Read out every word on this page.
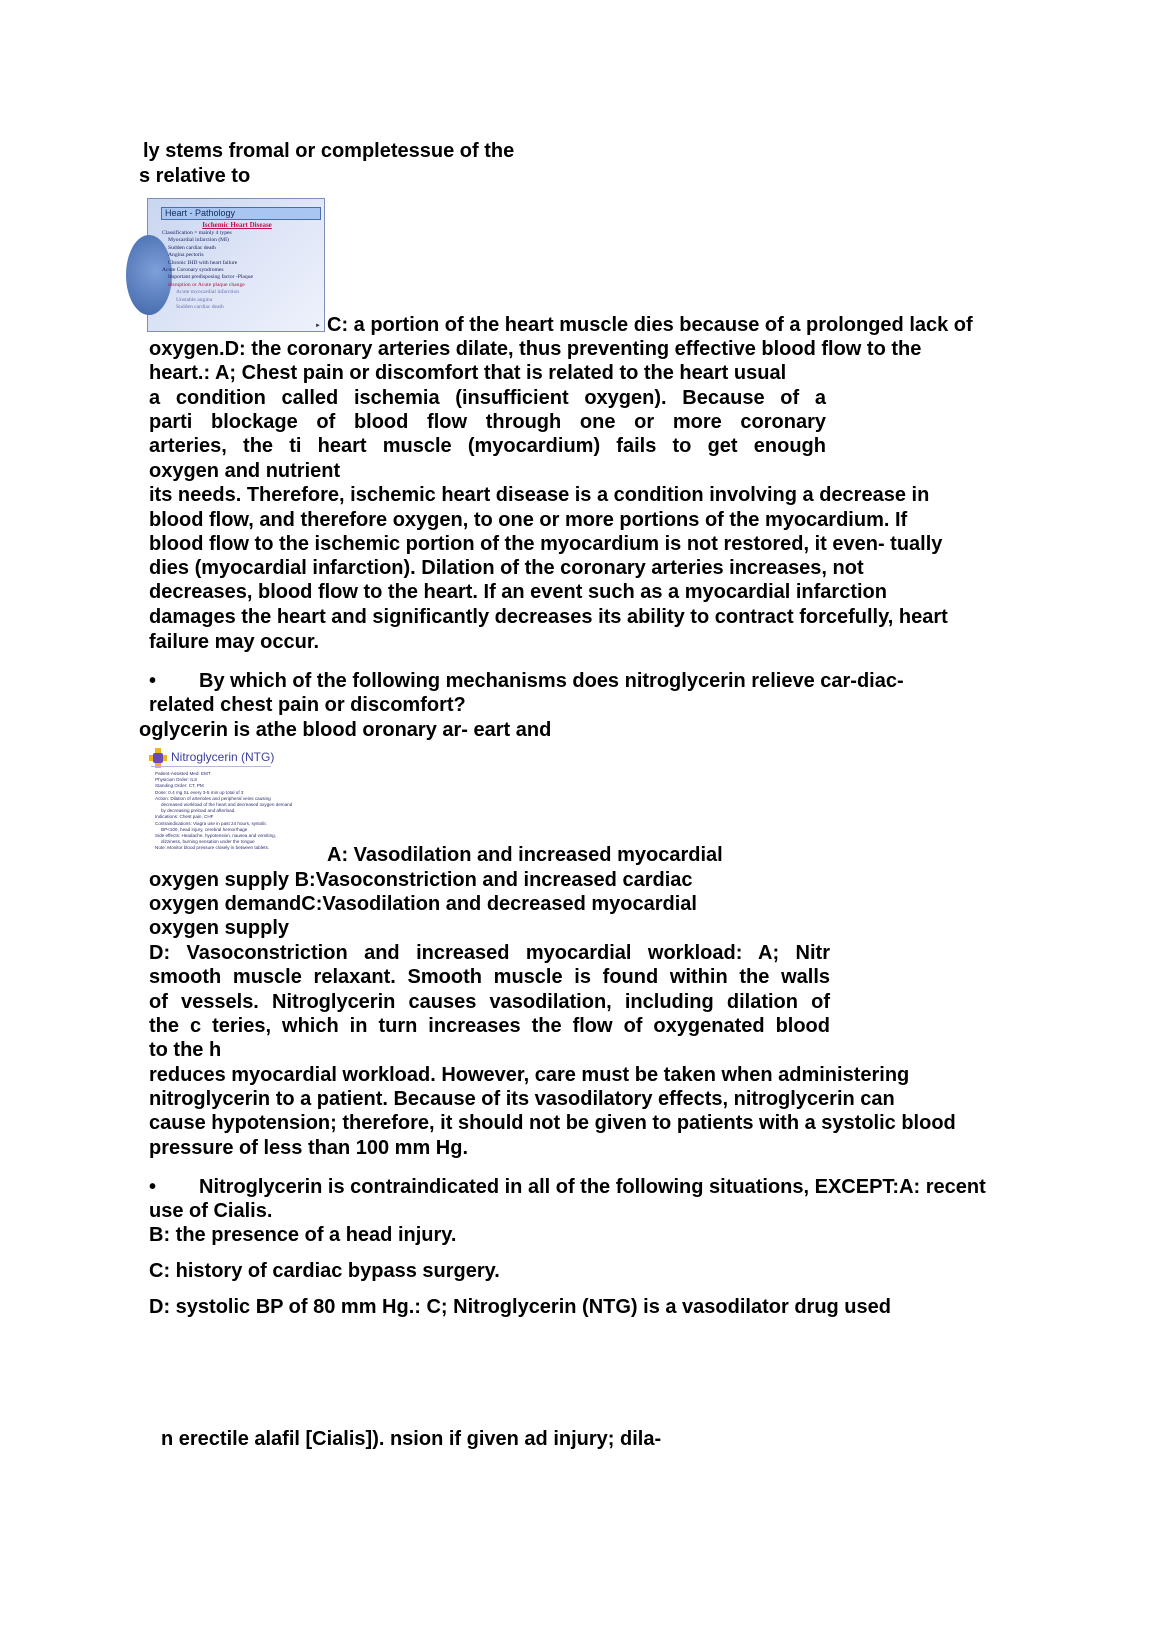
ly stems fromal or completessue of the
s relative to
Heart - Pathology
Ischemic Heart Disease
Classification = mainly 4 types
Myocardial infarction (MI)
Sudden cardiac death
Angina pectoris
Chronic IHD with heart failure
Acute Coronary syndromes
Important predisposing factor -Plaque
disruption or Acute plaque change
Acute myocardial infarction
Unstable angina
Sudden cardiac death
► C: a portion of the heart muscle dies because of a prolonged lack of
oxygen.D: the coronary arteries dilate, thus preventing effective blood flow to the
heart.: A; Chest pain or discomfort that is related to the heart usual
a condition called ischemia (insufficient oxygen). Because of a
parti blockage of blood flow through one or more coronary
arteries, the ti heart muscle (myocardium) fails to get enough
oxygen and nutrient
its needs. Therefore, ischemic heart disease is a condition involving a decrease in
blood flow, and therefore oxygen, to one or more portions of the myocardium. If
blood flow to the ischemic portion of the myocardium is not restored, it even- tually
dies (myocardial infarction). Dilation of the coronary arteries increases, not
decreases, blood flow to the heart. If an event such as a myocardial infarction
damages the heart and significantly decreases its ability to contract forcefully, heart
failure may occur.
• By which of the following mechanisms does nitroglycerin relieve car-diac-
related chest pain or discomfort?
oglycerin is athe blood oronary ar- eart and
Nitroglycerin (NTG)
Patient-Assisted Med: EMT
Physician Order: ILS
Standing Order: CT, PM
Dose: 0.4 mg SL every 3-5 min up total of 3
Action: Dilation of arterioles and peripheral veins causing
decreased workload of the heart and decreased oxygen demand
by decreasing preload and afterload.
Indications: Chest pain, CHF
Contraindications: Viagra use in past 24 hours, systolic
BP<100, head injury, cerebral hemorrhage
Side effects: Headache, hypotension, nausea and vomiting,
dizziness, burning sensation under the tongue
Note: Monitor blood pressure closely in between tablets.	A: Vasodilation and increased myocardial
oxygen supply B:Vasoconstriction and increased cardiac
oxygen demandC:Vasodilation and decreased myocardial
oxygen supply
D: Vasoconstriction and increased myocardial workload: A; Nitr
smooth muscle relaxant. Smooth muscle is found within the walls
of vessels. Nitroglycerin causes vasodilation, including dilation of
the c teries, which in turn increases the flow of oxygenated blood
to the h
reduces myocardial workload. However, care must be taken when administering
nitroglycerin to a patient. Because of its vasodilatory effects, nitroglycerin can
cause hypotension; therefore, it should not be given to patients with a systolic blood
pressure of less than 100 mm Hg.
• Nitroglycerin is contraindicated in all of the following situations, EXCEPT:A: recent
use of Cialis.
B: the presence of a head injury.
C: history of cardiac bypass surgery.
D: systolic BP of 80 mm Hg.: C; Nitroglycerin (NTG) is a vasodilator drug used
n erectile alafil [Cialis]). nsion if given ad injury; dila-
